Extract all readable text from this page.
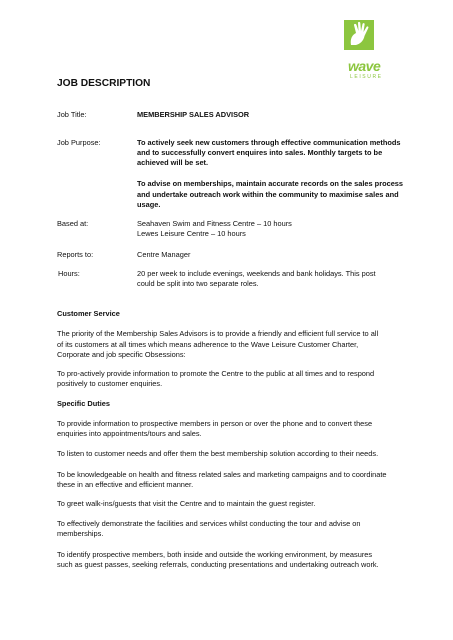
wave
LEISURE

JOB DESCRIPTION

Job Title:	MEMBERSHIP SALES ADVISOR

Job Purpose:	To actively seek new customers through effective communication methods

and to successfully convert enquires into sales. Monthly targets to be

achieved will be set.

To advise on memberships, maintain accurate records on the sales process

and undertake outreach work within the community to maximise sales and

usage.

Based at:	Seahaven Swim and Fitness Centre – 10 hours

Lewes Leisure Centre – 10 hours

Reports to:	Centre Manager

Hours:	20 per week to include evenings, weekends and bank holidays. This post

could be split into two separate roles.

Customer Service

The priority of the Membership Sales Advisors is to provide a friendly and efficient full service to all

of its customers at all times which means adherence to the Wave Leisure Customer Charter,

Corporate and job specific Obsessions:

To pro-actively provide information to promote the Centre to the public at all times and to respond

positively to customer enquiries.

Specific Duties

To provide information to prospective members in person or over the phone and to convert these

enquiries into appointments/tours and sales.

To listen to customer needs and offer them the best membership solution according to their needs.

To be knowledgeable on health and fitness related sales and marketing campaigns and to coordinate

these in an effective and efficient manner.

To greet walk-ins/guests that visit the Centre and to maintain the guest register.

To effectively demonstrate the facilities and services whilst conducting the tour and advise on

memberships.

To identify prospective members, both inside and outside the working environment, by measures

such as guest passes, seeking referrals, conducting presentations and undertaking outreach work.
